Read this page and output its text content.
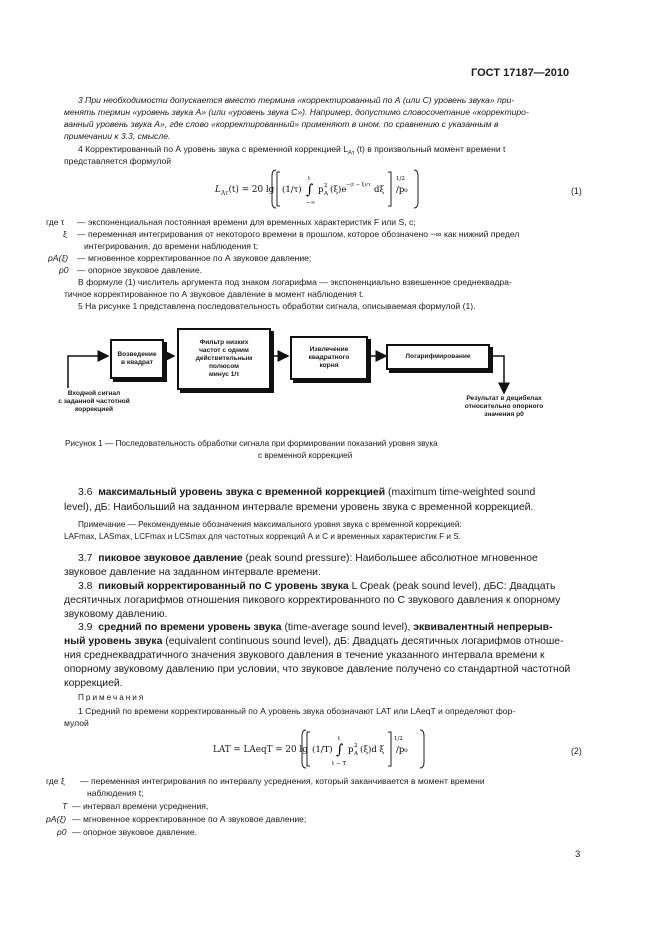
ГОСТ 17187—2010
3 При необходимости допускается вместо термина «корректированный по А (или С) уровень звука» при-
менять термин «уровень звука А» (или «уровень звука С»). Например, допустимо словосочетание «корректиро-
ванный уровень звука А», где слово «корректированный» применяют в ином. по сравнению с указанным в
примечании к 3.3, смысле.
4 Корректированный по А уровень звука с временной коррекцией $L_{A\tau}$ (t) в произвольный момент времени t
представляется формулой
$L_{A\tau}(t) = 20$ lg (1/τ) ∫
t
−∞
p 2
A (ξ)e −(t − ξ)/τ dξ
1/2
/p₀	(1)
где τ — экспоненциальная постоянная времени для временных характеристик F или S, с;
ξ — переменная интегрирования от некоторого времени в прошлом, которое обозначено −∞ как нижний предел
интегрирования, до времени наблюдения t;
pA(ξ) — мгновенное корректированное по А звуковое давление;
p0 — опорное звуковое давление.
В формуле (1) числитель аргумента под знаком логарифма — экспоненциально взвешенное среднеквадра-
тичное корректированное по А звуковое давление в момент наблюдения t.
5 На рисунке 1 представлена последовательность обработки сигнала, описываемая формулой (1).
Входной сигнал
с заданной частотной
коррекцией
Возведение
в квадрат
Фильтр низких
частот с одним
действительным
полюсом
минус 1/τ
Извлечение
квадратного
корня
Логарифмирование
Результат в децибелах
относительно опорного
значения p0
Рисунок 1 — Последовательность обработки сигнала при формировании показаний уровня звука
с временной коррекцией
3.6 максимальный уровень звука с временной коррекцией (maximum time-weighted sound
level), дБ: Наибольший на заданном интервале времени уровень звука с временной коррекцией.
Примечание — Рекомендуемые обозначения максимального уровня звука с временной коррекцией:
LAFmax, LASmax, LCFmax и LCSmax для частотных коррекций А и С и временных характеристик F и S.
3.7 пиковое звуковое давление (peak sound pressure): Наибольшее абсолютное мгновенное
звуковое давление на заданном интервале времени.
3.8 пиковый корректированный по С уровень звука L Cpeak (peak sound level), дБС: Двадцать
десятичных логарифмов отношения пикового корректированного по С звукового давления к опорному
звуковому давлению.
3.9 средний по времени уровень звука (time-average sound level), эквивалентный непрерыв-
ный уровень звука (equivalent continuous sound level), дБ: Двадцать десятичных логарифмов отноше-
ния среднеквадратичного значения звукового давления в течение указанного интервала времени к
опорному звуковому давлению при условии, что звуковое давление получено со стандартной частотной
коррекцией.
Примечания
1 Средний по времени корректированный по А уровень звука обозначают LAT или LAeqT и определяют фор-
мулой
LAT = LAeqT = 20 lg (1/T) ∫
t
t − T
p 2
A (ξ)d ξ
1/2
/p₀	(2)
где ξ — переменная интегрирования по интервалу усреднения, который заканчивается в момент времени
наблюдения t;
T — интервал времени усреднения,
pA(ξ) — мгновенное корректированное по А звуковое давление;
p0 — опорное звуковое давление.
3
